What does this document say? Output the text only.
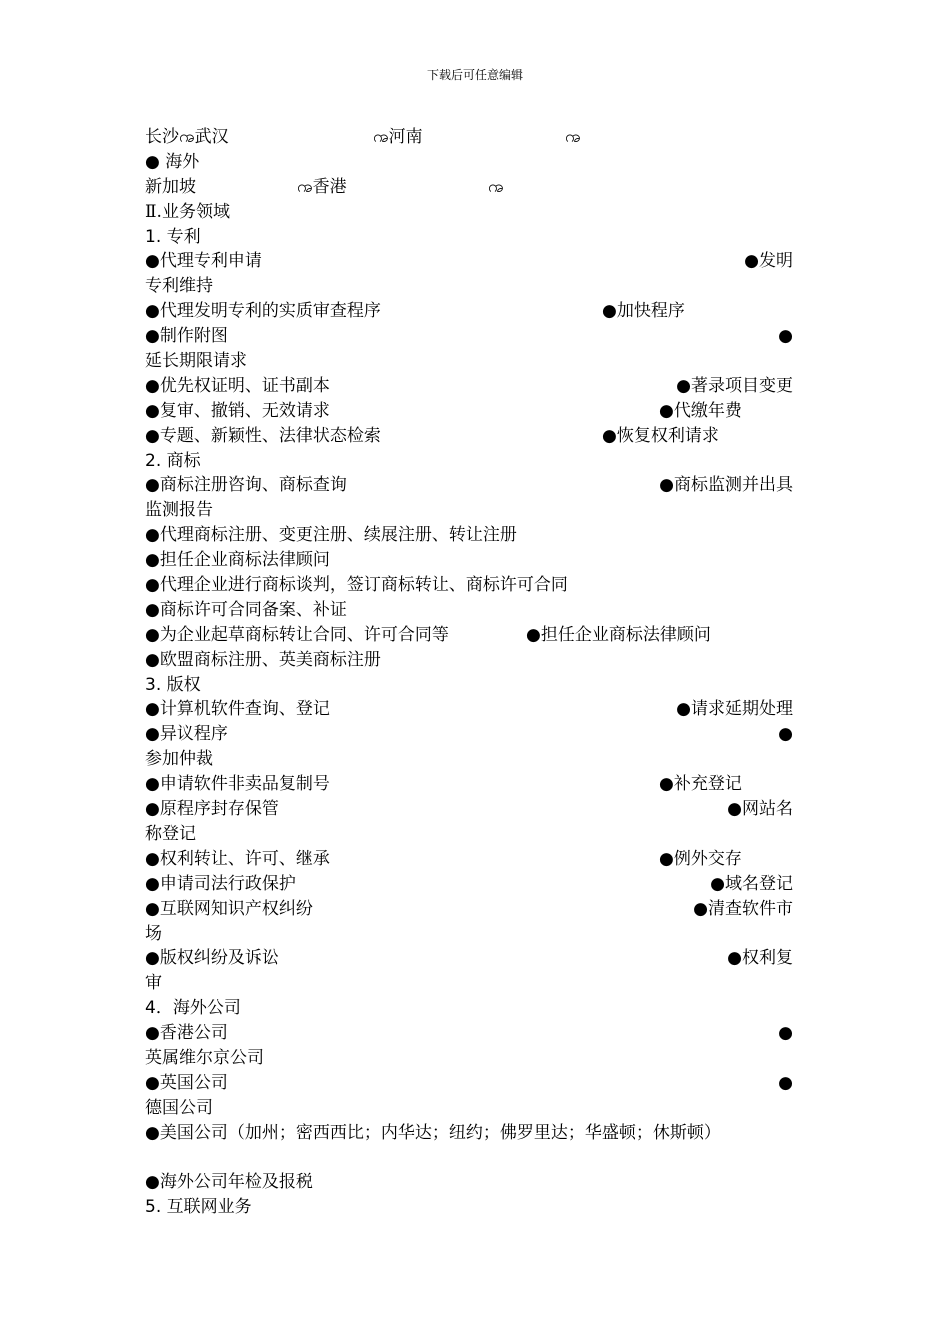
下载后可任意编辑
长沙ꩠ武汉	ꩠ河南	ꩠ
● 海外
新加坡	ꩠ香港	ꩠ
Ⅱ.业务领域
1. 专利
●代理专利申请	●发明
专利维持
●代理发明专利的实质审查程序	●加快程序
●制作附图	●
延长期限请求
●优先权证明、证书副本	●著录项目变更
●复审、撤销、无效请求	●代缴年费
●专题、新颖性、法律状态检索	●恢复权利请求
2. 商标
●商标注册咨询、商标查询	●商标监测并出具
监测报告
●代理商标注册、变更注册、续展注册、转让注册
●担任企业商标法律顾问
●代理企业进行商标谈判，签订商标转让、商标许可合同
●商标许可合同备案、补证
●为企业起草商标转让合同、许可合同等	●担任企业商标法律顾问
●欧盟商标注册、英美商标注册
3. 版权
●计算机软件查询、登记	●请求延期处理
●异议程序	●
参加仲裁
●申请软件非卖品复制号	●补充登记
●原程序封存保管	●网站名
称登记
●权利转让、许可、继承	●例外交存
●申请司法行政保护	●域名登记
●互联网知识产权纠纷	●清查软件市
场
●版权纠纷及诉讼	●权利复
审
4．海外公司
●香港公司	●
英属维尔京公司
●英国公司	●
德国公司
●美国公司（加州；密西西比；内华达；纽约；佛罗里达；华盛顿；休斯顿）
●海外公司年检及报税
5. 互联网业务
